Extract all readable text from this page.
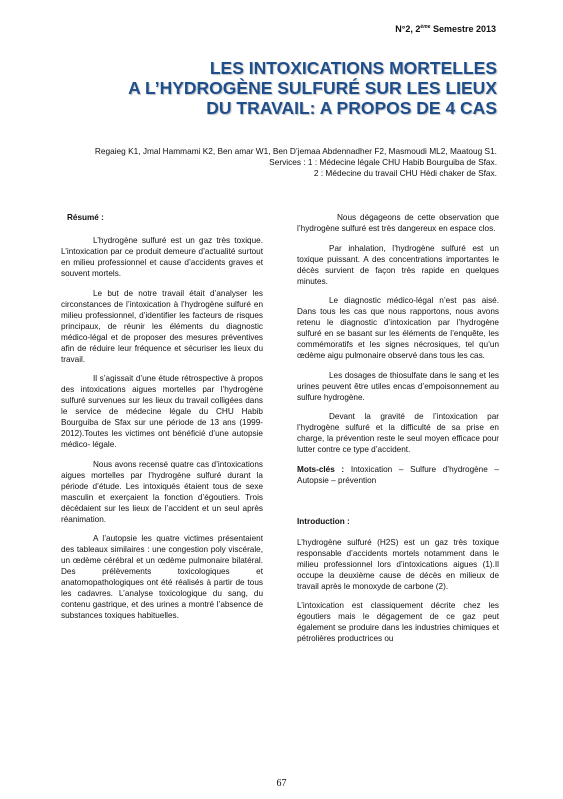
N°2, 2ème Semestre 2013
LES INTOXICATIONS MORTELLES
A L’HYDROGÈNE SULFURÉ SUR LES LIEUX
DU TRAVAIL: A PROPOS DE 4 CAS
Regaieg K1, Jmal Hammami K2, Ben amar W1, Ben D’jemaa Abdennadher F2, Masmoudi ML2, Maatoug S1.
Services : 1 : Médecine légale CHU Habib Bourguiba de Sfax.
2 : Médecine du travail CHU Hèdi chaker de Sfax.
Résumé :

L’hydrogène sulfuré est un gaz très toxique. L’intoxication par ce produit demeure d’actualité surtout en milieu professionnel et cause d’accidents graves et souvent mortels.

Le but de notre travail était d’analyser les circonstances de l’intoxication à l’hydrogène sulfuré en milieu professionnel, d’identifier les facteurs de risques principaux, de réunir les éléments du diagnostic médico-légal et de proposer des mesures préventives afin de réduire leur fréquence et sécuriser les lieux du travail.

Il s’agissait d’une étude rétrospective à propos des intoxications aigues mortelles par l’hydrogène sulfuré survenues sur les lieux du travail colligées dans le service de médecine légale du CHU Habib Bourguiba de Sfax sur une période de 13 ans (1999-2012).Toutes les victimes ont bénéficié d’une autopsie médico- légale.

Nous avons recensé quatre cas d’intoxications aigues mortelles par l’hydrogène sulfuré durant la période d’étude. Les intoxiqués étaient tous de sexe masculin et exerçaient la fonction d’égoutiers. Trois décédaient sur les lieux de l’accident et un seul après réanimation.

A l’autopsie les quatre victimes présentaient des tableaux similaires : une congestion poly viscérale, un œdème cérébral et un œdème pulmonaire bilatéral. Des prélèvements toxicologiques et anatomopathologiques ont été réalisés à partir de tous les cadavres. L’analyse toxicologique du sang, du contenu gastrique, et des urines a montré l’absence de substances toxiques habituelles.

Nous dégageons de cette observation que l’hydrogène sulfuré est très dangereux en espace clos.

Par inhalation, l’hydrogène sulfuré est un toxique puissant. A des concentrations importantes le décès survient de façon très rapide en quelques minutes.

Le diagnostic médico-légal n’est pas aisé. Dans tous les cas que nous rapportons, nous avons retenu le diagnostic d’intoxication par l’hydrogène sulfuré en se basant sur les éléments de l’enquête, les commémoratifs et les signes nécrosiques, tel qu’un œdème aigu pulmonaire observé dans tous les cas.

Les dosages de thiosulfate dans le sang et les urines peuvent être utiles encas d’empoisonnement au sulfure hydrogène.

Devant la gravité de l’intoxication par l’hydrogène sulfuré et la difficulté de sa prise en charge, la prévention reste le seul moyen efficace pour lutter contre ce type d’accident.

Mots-clés : Intoxication – Sulfure d’hydrogène – Autopsie – prévention

Introduction :

L’hydrogène sulfuré (H2S) est un gaz très toxique responsable d’accidents mortels notamment dans le milieu professionnel lors d’intoxications aigues (1).Il occupe la deuxième cause de décès en milieux de travail après le monoxyde de carbone (2).

L’intoxication est classiquement décrite chez les égoutiers mais le dégagement de ce gaz peut également se produire dans les industries chimiques et pétrolières productrices ou

67
